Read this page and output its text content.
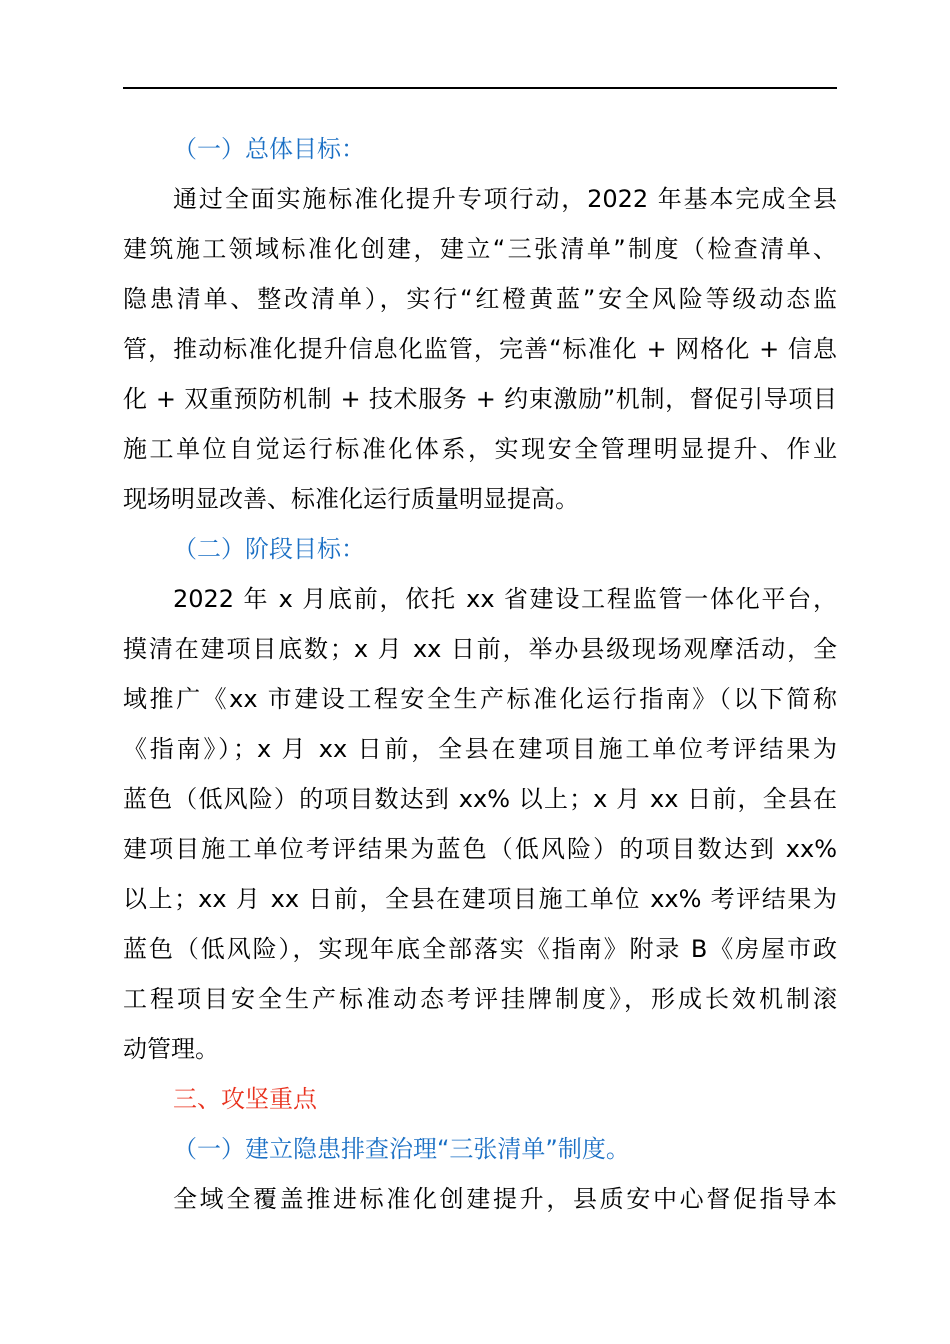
（一）总体目标：
通过全面实施标准化提升专项行动，2022 年基本完成全县
建筑施工领域标准化创建，建立“三张清单”制度（检查清单、
隐患清单、整改清单），实行“红橙黄蓝”安全风险等级动态监
管，推动标准化提升信息化监管，完善“标准化 + 网格化 + 信息
化 + 双重预防机制 + 技术服务 + 约束激励”机制，督促引导项目
施工单位自觉运行标准化体系，实现安全管理明显提升、作业
现场明显改善、标准化运行质量明显提高。
（二）阶段目标：
2022 年 x 月底前，依托 xx 省建设工程监管一体化平台，
摸清在建项目底数；x 月 xx 日前，举办县级现场观摩活动，全
域推广《xx 市建设工程安全生产标准化运行指南》（以下简称
《指南》）；x 月 xx 日前，全县在建项目施工单位考评结果为
蓝色（低风险）的项目数达到 xx% 以上；x 月 xx 日前，全县在
建项目施工单位考评结果为蓝色（低风险）的项目数达到 xx%
以上；xx 月 xx 日前，全县在建项目施工单位 xx% 考评结果为
蓝色（低风险），实现年底全部落实《指南》附录 B《房屋市政
工程项目安全生产标准动态考评挂牌制度》，形成长效机制滚
动管理。
三、攻坚重点
（一）建立隐患排查治理“三张清单”制度。
全域全覆盖推进标准化创建提升，县质安中心督促指导本
